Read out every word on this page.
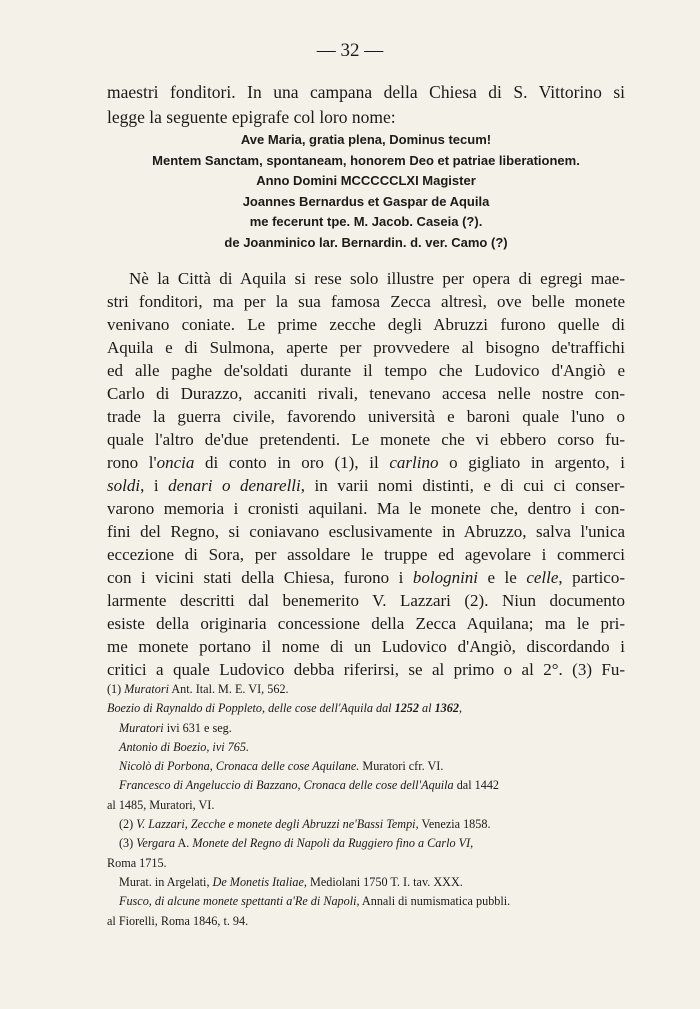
— 32 —
maestri fonditori. In una campana della Chiesa di S. Vittorino si
legge la seguente epigrafe col loro nome:
Ave Maria, gratia plena, Dominus tecum!
Mentem Sanctam, spontaneam, honorem Deo et patriae liberationem.
Anno Domini MCCCCCLXI Magister
Joannes Bernardus et Gaspar de Aquila
me fecerunt tpe. M. Jacob. Caseia (?).
de Joanminico lar. Bernardin. d. ver. Camo (?)
Nè la Città di Aquila si rese solo illustre per opera di egregi mae-
stri fonditori, ma per la sua famosa Zecca altresì, ove belle monete
venivano coniate. Le prime zecche degli Abruzzi furono quelle di
Aquila e di Sulmona, aperte per provvedere al bisogno de'traffichi
ed alle paghe de'soldati durante il tempo che Ludovico d'Angiò e
Carlo di Durazzo, accaniti rivali, tenevano accesa nelle nostre con-
trade la guerra civile, favorendo università e baroni quale l'uno o
quale l'altro de'due pretendenti. Le monete che vi ebbero corso fu-
rono l'oncia di conto in oro (1), il carlino o gigliato in argento, i
soldi, i denari o denarelli, in varii nomi distinti, e di cui ci conser-
varono memoria i cronisti aquilani. Ma le monete che, dentro i con-
fini del Regno, si coniavano esclusivamente in Abruzzo, salva l'unica
eccezione di Sora, per assoldare le truppe ed agevolare i commerci
con i vicini stati della Chiesa, furono i bolognini e le celle, partico-
larmente descritti dal benemerito V. Lazzari (2). Niun documento
esiste della originaria concessione della Zecca Aquilana; ma le pri-
me monete portano il nome di un Ludovico d'Angiò, discordando i
critici a quale Ludovico debba riferirsi, se al primo o al 2°. (3) Fu-
(1) Muratori Ant. Ital. M. E. VI, 562.
Boezio di Raynaldo di Poppleto, delle cose dell'Aquila dal 1252 al 1362,
Muratori ivi 631 e seg.
Antonio di Boezio, ivi 765.
Nicolò di Porbona, Cronaca delle cose Aquilane. Muratori cfr. VI.
Francesco di Angeluccio di Bazzano, Cronaca delle cose dell'Aquila dal 1442
al 1485, Muratori, VI.
(2) V. Lazzari, Zecche e monete degli Abruzzi ne'Bassi Tempi, Venezia 1858.
(3) Vergara A. Monete del Regno di Napoli da Ruggiero fino a Carlo VI,
Roma 1715.
Murat. in Argelati, De Monetis Italiae, Mediolani 1750 T. I. tav. XXX.
Fusco, di alcune monete spettanti a'Re di Napoli, Annali di numismatica pubbli.
al Fiorelli, Roma 1846, t. 94.
